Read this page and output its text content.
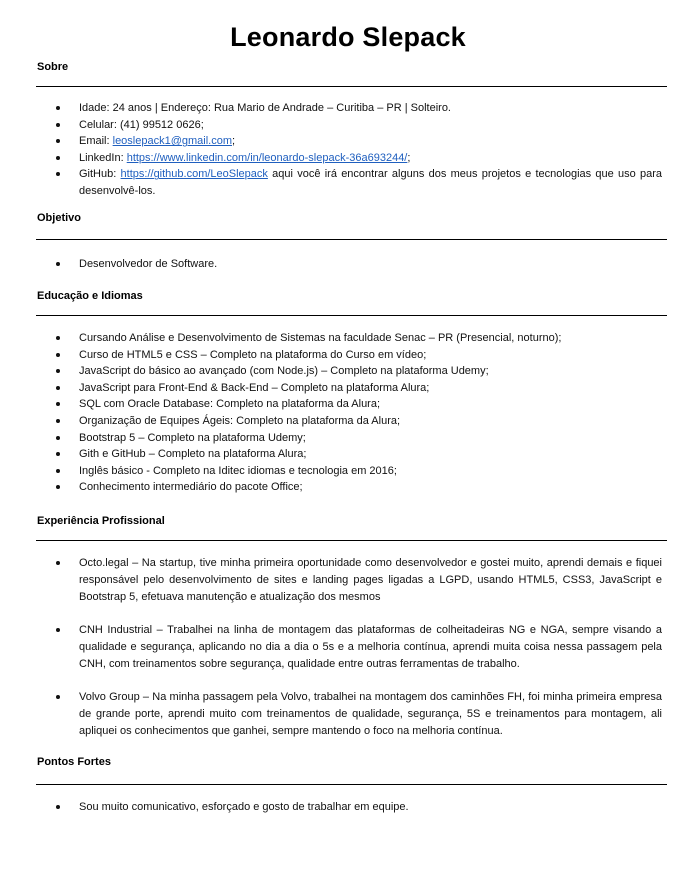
Leonardo Slepack
Sobre
Idade: 24 anos | Endereço: Rua Mario de Andrade – Curitiba – PR | Solteiro.
Celular: (41) 99512 0626;
Email: leoslepack1@gmail.com;
LinkedIn: https://www.linkedin.com/in/leonardo-slepack-36a693244/;
GitHub: https://github.com/LeoSlepack aqui você irá encontrar alguns dos meus projetos e tecnologias que uso para desenvolvê-los.
Objetivo
Desenvolvedor de Software.
Educação e Idiomas
Cursando Análise e Desenvolvimento de Sistemas na faculdade Senac – PR (Presencial, noturno);
Curso de HTML5 e CSS – Completo na plataforma do Curso em vídeo;
JavaScript do básico ao avançado (com Node.js) – Completo na plataforma Udemy;
JavaScript para Front-End & Back-End – Completo na plataforma Alura;
SQL com Oracle Database: Completo na plataforma da Alura;
Organização de Equipes Ágeis: Completo na plataforma da Alura;
Bootstrap 5 – Completo na plataforma Udemy;
Gith e GitHub – Completo na plataforma Alura;
Inglês básico - Completo na Iditec idiomas e tecnologia em 2016;
Conhecimento intermediário do pacote Office;
Experiência Profissional
Octo.legal – Na startup, tive minha primeira oportunidade como desenvolvedor e gostei muito, aprendi demais e fiquei responsável pelo desenvolvimento de sites e landing pages ligadas a LGPD, usando HTML5, CSS3, JavaScript e Bootstrap 5, efetuava manutenção e atualização dos mesmos
CNH Industrial – Trabalhei na linha de montagem das plataformas de colheitadeiras NG e NGA, sempre visando a qualidade e segurança, aplicando no dia a dia o 5s e a melhoria contínua, aprendi muita coisa nessa passagem pela CNH, com treinamentos sobre segurança, qualidade entre outras ferramentas de trabalho.
Volvo Group – Na minha passagem pela Volvo, trabalhei na montagem dos caminhões FH, foi minha primeira empresa de grande porte, aprendi muito com treinamentos de qualidade, segurança, 5S e treinamentos para montagem, ali apliquei os conhecimentos que ganhei, sempre mantendo o foco na melhoria contínua.
Pontos Fortes
Sou muito comunicativo, esforçado e gosto de trabalhar em equipe.
